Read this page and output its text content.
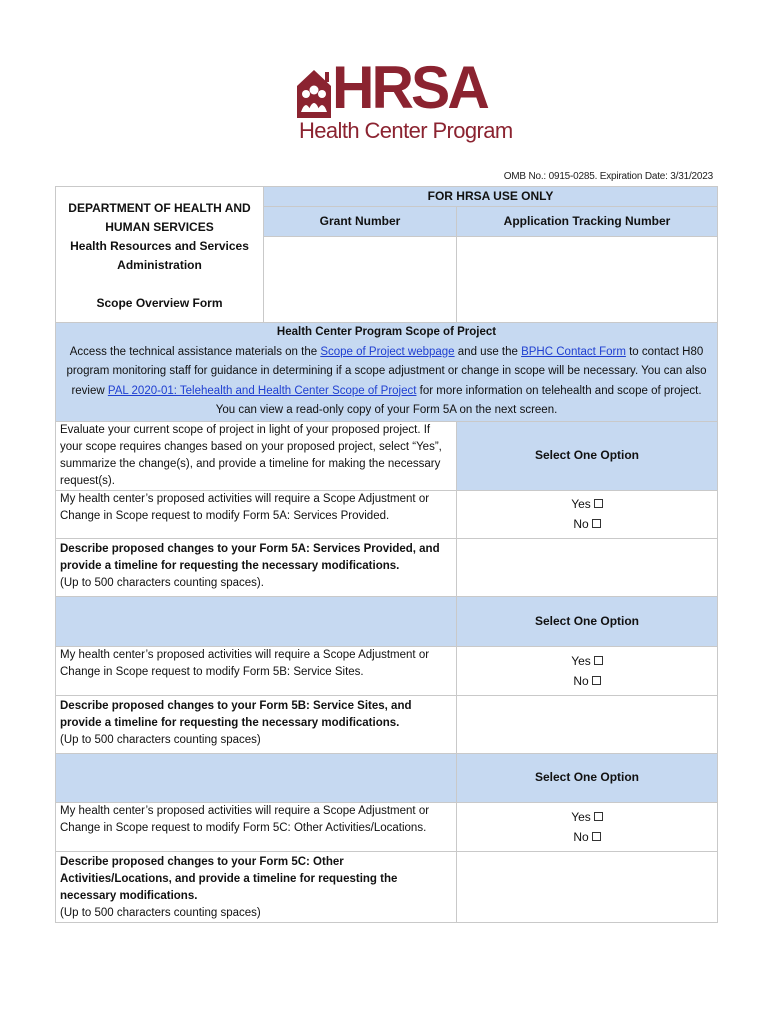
HRSA
Health Center Program
OMB No.: 0915-0285. Expiration Date: 3/31/2023
DEPARTMENT OF HEALTH AND HUMAN SERVICES
Health Resources and Services Administration
Scope Overview Form	FOR HRSA USE ONLY	
	Grant Number	Application Tracking Number

Health Center Program Scope of Project
Access the technical assistance materials on the Scope of Project webpage and use the BPHC Contact Form to contact H80 program monitoring staff for guidance in determining if a scope adjustment or change in scope will be necessary. You can also review PAL 2020-01: Telehealth and Health Center Scope of Project for more information on telehealth and scope of project.
You can view a read-only copy of your Form 5A on the next screen.		

Evaluate your current scope of project in light of your proposed project. If your scope requires changes based on your proposed project, select “Yes”, summarize the change(s), and provide a timeline for making the necessary request(s).		Select One Option
My health center’s proposed activities will require a Scope Adjustment or Change in Scope request to modify Form 5A: Services Provided.		Yes
No

Describe proposed changes to your Form 5A: Services Provided, and provide a timeline for requesting the necessary modifications.
(Up to 500 characters counting spaces).		

		Select One Option
My health center’s proposed activities will require a Scope Adjustment or Change in Scope request to modify Form 5B: Service Sites.		Yes
No

Describe proposed changes to your Form 5B: Service Sites, and provide a timeline for requesting the necessary modifications.
(Up to 500 characters counting spaces)		

		Select One Option
My health center’s proposed activities will require a Scope Adjustment or Change in Scope request to modify Form 5C: Other Activities/Locations.		Yes
No

Describe proposed changes to your Form 5C: Other Activities/Locations, and provide a timeline for requesting the necessary modifications.
(Up to 500 characters counting spaces)		
